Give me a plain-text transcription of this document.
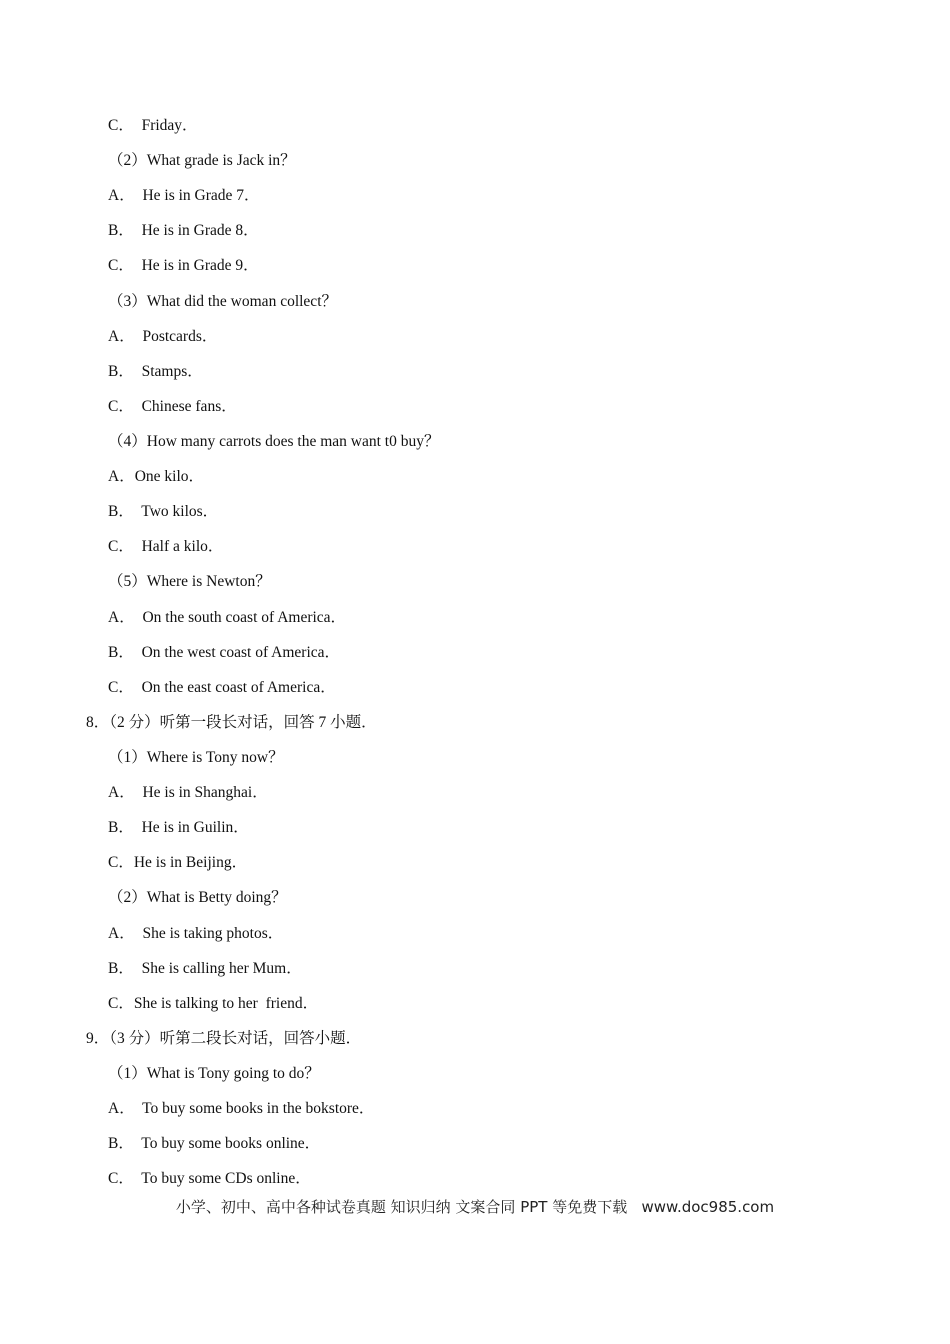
C．  Friday．
（2）What grade is Jack in？
A．  He is in Grade 7．
B．  He is in Grade 8．
C．  He is in Grade 9．
（3）What did the woman collect？
A．  Postcards．
B．  Stamps．
C．  Chinese fans．
（4）How many carrots does the man want t0 buy？
A．One kilo．
B．  Two kilos．
C．  Half a kilo．
（5）Where is Newton？
A．  On the south coast of America．
B．  On the west coast of America．
C．  On the east coast of America．
8．（2 分）听第一段长对话，回答 7 小题．
（1）Where is Tony now？
A．  He is in Shanghai．
B．  He is in Guilin．
C．He is in Beijing．
（2）What is Betty doing？
A．  She is taking photos．
B．  She is calling her Mum．
C．She is talking to her  friend．
9．（3 分）听第二段长对话，回答小题．
（1）What is Tony going to do？
A．  To buy some books in the bokstore．
B．  To buy some books online．
C．  To buy some CDs online．
小学、初中、高中各种试卷真题 知识归纳 文案合同 PPT 等免费下载   www.doc985.com
